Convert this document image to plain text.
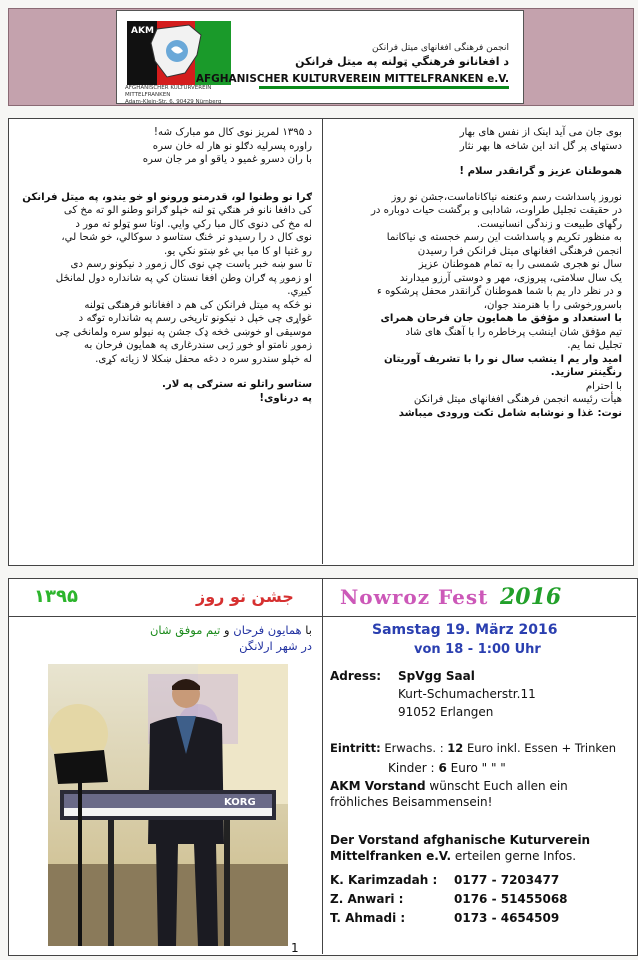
AKM
AFGHANISCHER KULTURVEREIN MITTELFRANKEN
Adam-Klein-Str. 6, 90429 Nürnberg
انجمن فرهنگی افغانهای میتل فرانکن
د افغانانو فرهنگي ټولنه په میتل فرانکن
AFGHANISCHER KULTURVEREIN MITTELFRANKEN e.V.

د ۱۳۹۵ لمریز نوی کال مو مبارک شه!

راوره پسرلیه دګلو نو هار له خان سره

با ران دسرو غمیو د یاقو او مر جان سره

ګرا نو وطنوا لو، قدرمنو ورونو او خو یندو، په میتل فرانکن

کی دافغا نانو فر هنګي ټو لنه خپلو ګرانو وطنو الو ته مخ کی

له مخ کی دنوی کال مبا رکي وايي. اوتا سو ټولو ته مور د

نوی کال د را رسيدو تر څنګ ستاسو د سوکالي، خو شحا لي،

رو غتيا او کا ميا بي غو ښتو نکي يو.

تا سو ښه خبر ياست چې نوی کال زموږ د نيکونو رسم دی

او زموږ په ګران وطن افغا نستان کي په شانداره دول لمانځل

کيږي.

نو څکه په میتل فرانکن کی هم د افغانانو فرهنګی ټولنه

غواړی چی خپل د نيکونو تاريخی رسم په شانداره توګه د

موسيقی او خوښی څخه ډک جشن په نيولو سره ولمانځی چی

زموږ نامتو او خوږ ژبی سندرغاری په همايون فرحان به

له خپلو سندرو سره د دغه محفل ښکلا لا زياته کړی.

ستاسو راتلو ته سترګی په لار.

په درناوی!

بوی جان می آید اینک از نفس های بهار

دستهای پر گل اند این شاخه ها بهر نثار

هموطنان عزیز و گرانقدر سلام !

نوروز پاسداشت رسم وعنعنه نیاکاناماست،جشن نو روز

در حقیقت تجلیل طراوت، شادابی و برگشت حیات دوباره در

رگهای طبیعت و زندگی انسانیست.

به منظور تکریم و پاسداشت این رسم خجسته ی نیاکانما

انجمن فرهنگی افغانهای میتل فرانکن فرا رسیدن

سال نو هجری شمسی را به تمام هموطنان عزیز

یک سال سلامتی، پیروزی، مهر و دوستی آرزو میدارند

و در نظر دار یم با شما هموطنان گرانقدر محفل پرشکوه ء

باسرورخوشی را با هنرمند جوان،

با استعداد و مؤفق ما همایون جان فرحان همرای

تیم مؤفق شان اینشب پرخاطره را با آهنگ های شاد

تجلیل نما یم.

امید وار یم ا ینشب سال نو را با تشریف آوریتان

رنگینتر سازید.

با احترام

هیأت رئیسه انجمن فرهنگی افغانهای میتل فرانکن

نوت: غذا و نوشابه شامل تکت ورودی میباشد

۱۳۹۵	جشن نو روز Nowroz Fest 2016
با همایون فرحان و تیم موفق شان
در شهر ارلانگن
Samstag 19. März 2016
von 18 - 1:00 Uhr
KORG
Adress: SpVgg Saal
Kurt-Schumacherstr.11
91052 Erlangen
Eintritt: Erwachs. : 12 Euro inkl. Essen + Trinken
Kinder : 6 Euro " " "
AKM Vorstand wünscht Euch allen ein fröhliches Beisammensein!
Der Vorstand afghanische Kuturverein
Mittelfranken e.V. erteilen gerne Infos.
K. Karimzadah : 0177 - 7203477
Z. Anwari :	0176 - 51455068
T. Ahmadi :	0173 - 4654509
1
